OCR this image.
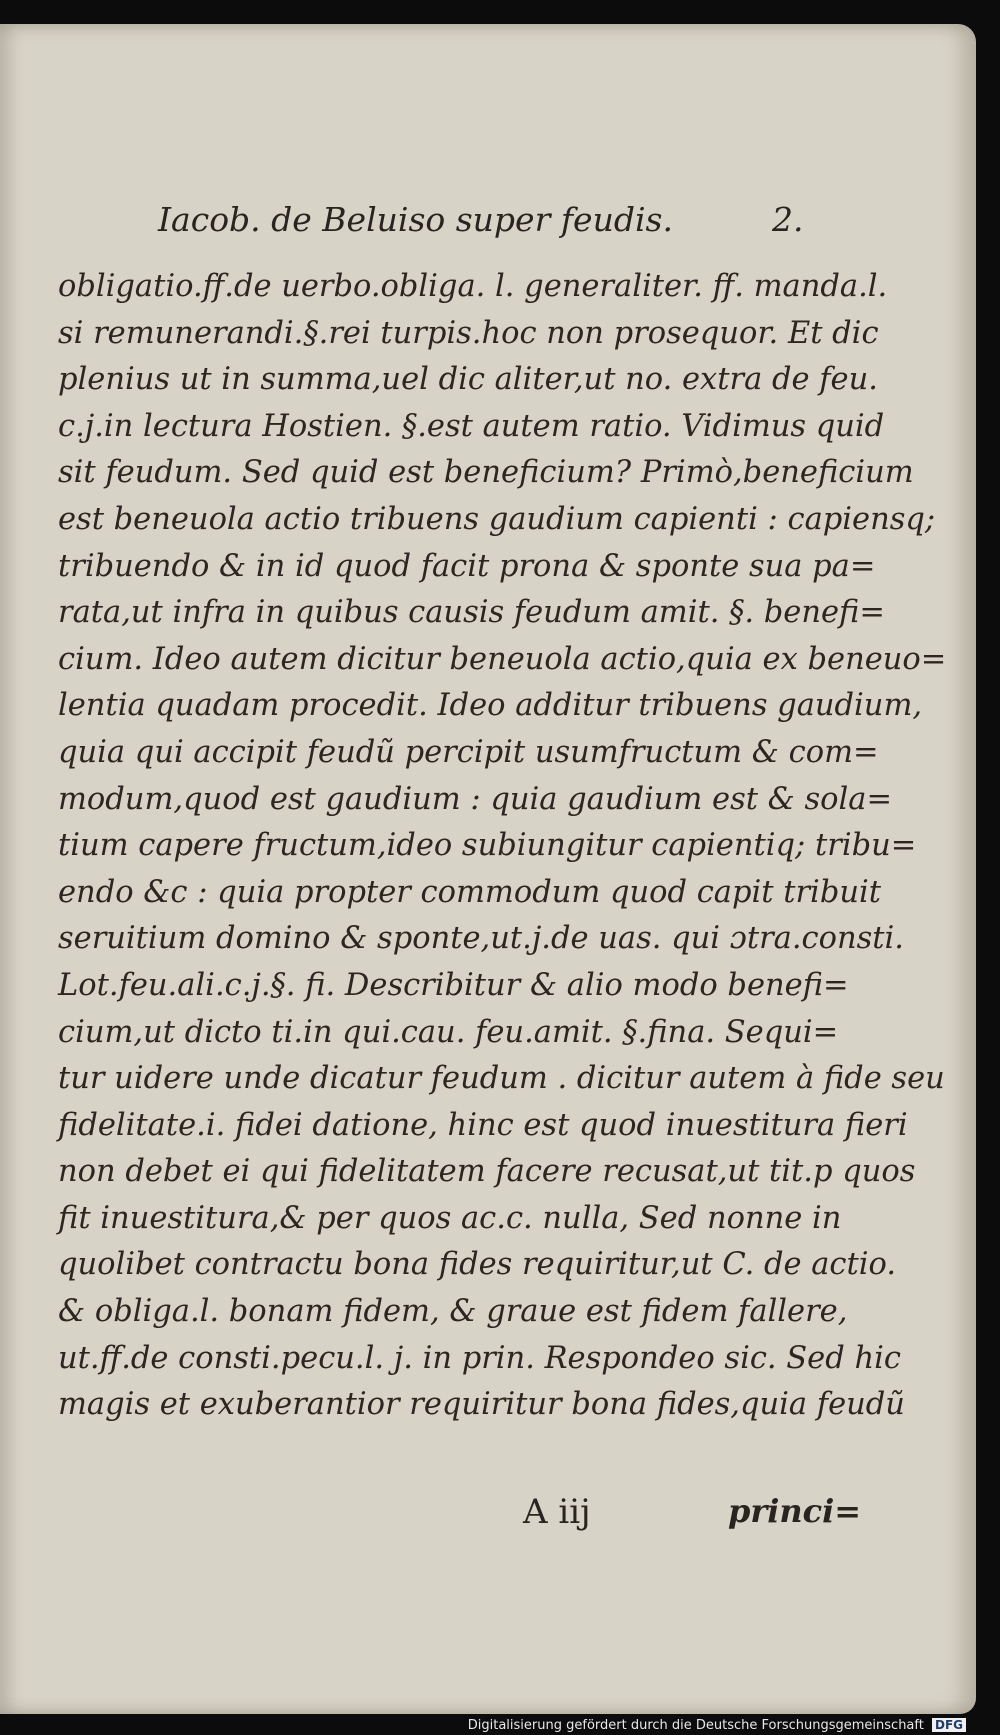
Iacob. de Beluiso super feudis.	2.
obligatio.ff.de uerbo.obliga. l. generaliter. ff. manda.l.
si remunerandi.§.rei turpis.hoc non prosequor. Et dic
plenius ut in summa,uel dic aliter,ut no. extra de feu.
c.j.in lectura Hostien. §.est autem ratio. Vidimus quid
sit feudum. Sed quid est beneficium? Primò,beneficium
est beneuola actio tribuens gaudium capienti : capiensq;
tribuendo & in id quod facit prona & sponte sua pa=
rata,ut infra in quibus causis feudum amit. §. benefi=
cium. Ideo autem dicitur beneuola actio,quia ex beneuo=
lentia quadam procedit. Ideo additur tribuens gaudium,
quia qui accipit feudũ percipit usumfructum & com=
modum,quod est gaudium : quia gaudium est & sola=
tium capere fructum,ideo subiungitur capientiq; tribu=
endo &c : quia propter commodum quod capit tribuit
seruitium domino & sponte,ut.j.de uas. qui ɔtra.consti.
Lot.feu.ali.c.j.§. fi. Describitur & alio modo benefi=
cium,ut dicto ti.in qui.cau. feu.amit. §.fina. Sequi=
tur uidere unde dicatur feudum . dicitur autem à fide seu
fidelitate.i. fidei datione, hinc est quod inuestitura fieri
non debet ei qui fidelitatem facere recusat,ut tit.p quos
fit inuestitura,& per quos ac.c. nulla, Sed nonne in
quolibet contractu bona fides requiritur,ut C. de actio.
& obliga.l. bonam fidem, & graue est fidem fallere,
ut.ff.de consti.pecu.l. j. in prin. Respondeo sic. Sed hic
magis et exuberantior requiritur bona fides,quia feudũ
A iij	princi=
Digitalisierung gefördert durch die Deutsche Forschungsgemeinschaft DFG
